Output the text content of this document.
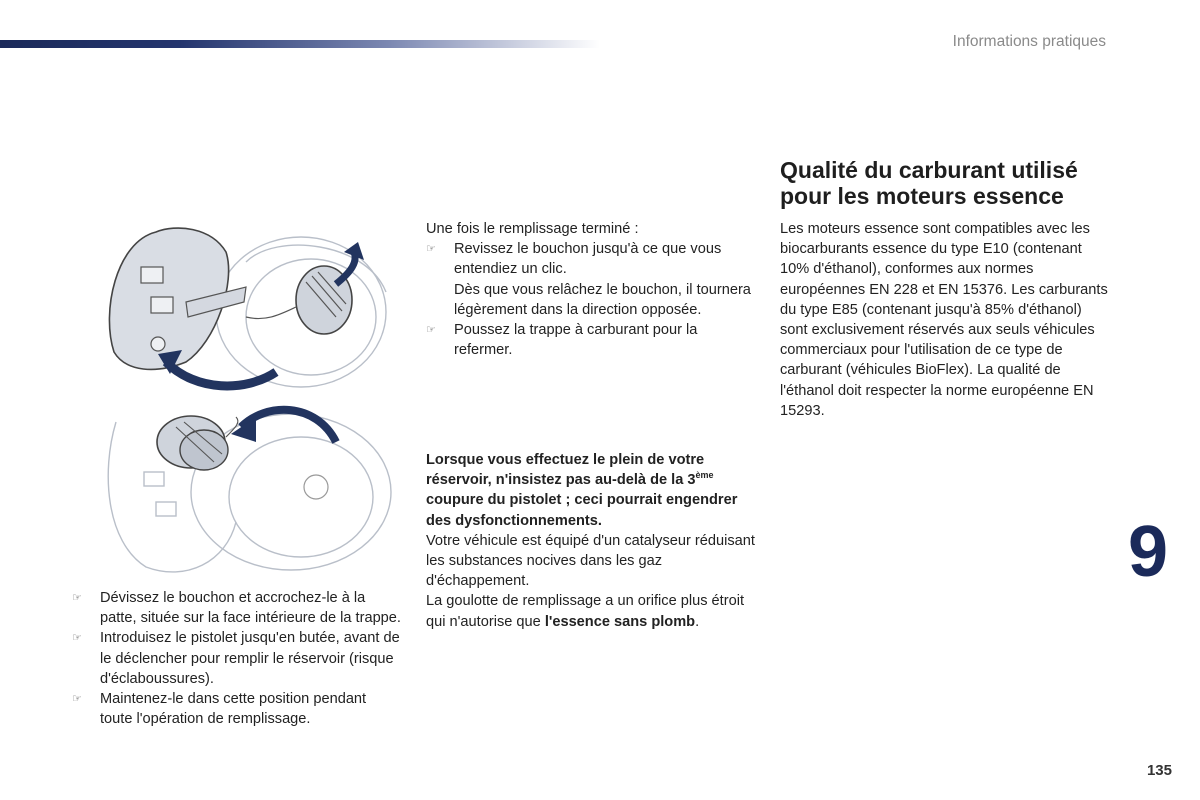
Informations pratiques
☞ Dévissez le bouchon et accrochez-le à la patte, située sur la face intérieure de la trappe.
☞ Introduisez le pistolet jusqu'en butée, avant de le déclencher pour remplir le réservoir (risque d'éclaboussures).
☞ Maintenez-le dans cette position pendant toute l'opération de remplissage.
Une fois le remplissage terminé :
☞ Revissez le bouchon jusqu'à ce que vous entendiez un clic.
Dès que vous relâchez le bouchon, il tournera légèrement dans la direction opposée.
☞ Poussez la trappe à carburant pour la refermer.
Lorsque vous effectuez le plein de votre réservoir, n'insistez pas au-delà de la 3ème coupure du pistolet ; ceci pourrait engendrer des dysfonctionnements.
Votre véhicule est équipé d'un catalyseur réduisant les substances nocives dans les gaz d'échappement.
La goulotte de remplissage a un orifice plus étroit qui n'autorise que l'essence sans plomb.
Qualité du carburant utilisé pour les moteurs essence
Les moteurs essence sont compatibles avec les biocarburants essence du type E10 (contenant 10% d'éthanol), conformes aux normes européennes EN 228 et EN 15376. Les carburants du type E85 (contenant jusqu'à 85% d'éthanol) sont exclusivement réservés aux seuls véhicules commerciaux pour l'utilisation de ce type de carburant (véhicules BioFlex). La qualité de l'éthanol doit respecter la norme européenne EN 15293.
9
135
